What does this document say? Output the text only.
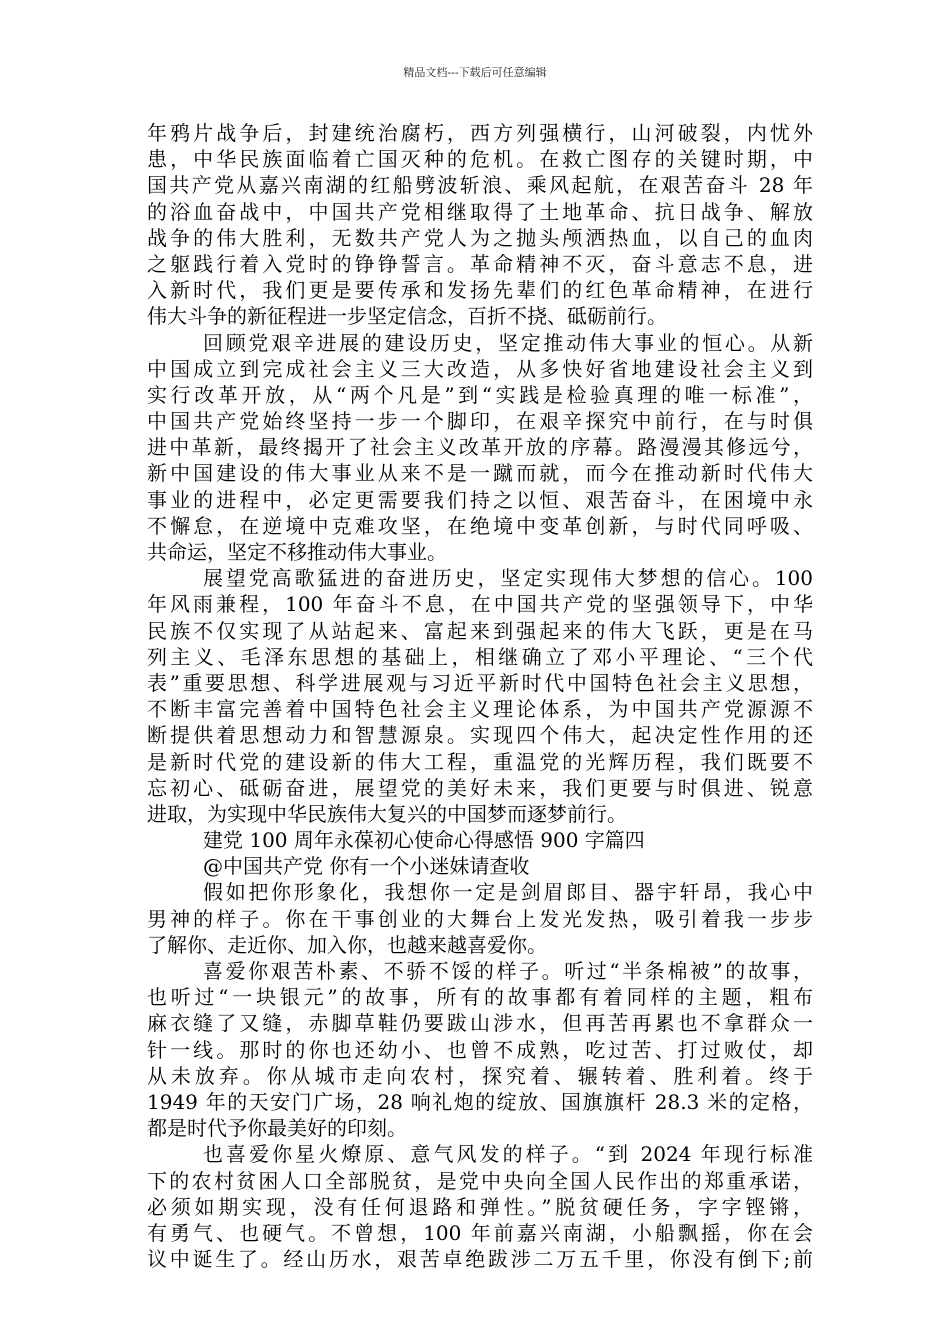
精品文档---下载后可任意编辑
年鸦片战争后，封建统治腐朽，西方列强横行，山河破裂，内忧外
患，中华民族面临着亡国灭种的危机。在救亡图存的关键时期，中
国共产党从嘉兴南湖的红船劈波斩浪、乘风起航，在艰苦奋斗 28 年
的浴血奋战中，中国共产党相继取得了土地革命、抗日战争、解放
战争的伟大胜利，无数共产党人为之抛头颅洒热血，以自己的血肉
之躯践行着入党时的铮铮誓言。革命精神不灭，奋斗意志不息，进
入新时代，我们更是要传承和发扬先辈们的红色革命精神，在进行
伟大斗争的新征程进一步坚定信念，百折不挠、砥砺前行。
回顾党艰辛进展的建设历史，坚定推动伟大事业的恒心。从新
中国成立到完成社会主义三大改造，从多快好省地建设社会主义到
实行改革开放，从“两个凡是”到“实践是检验真理的唯一标准”，
中国共产党始终坚持一步一个脚印，在艰辛探究中前行，在与时俱
进中革新，最终揭开了社会主义改革开放的序幕。路漫漫其修远兮，
新中国建设的伟大事业从来不是一蹴而就，而今在推动新时代伟大
事业的进程中，必定更需要我们持之以恒、艰苦奋斗，在困境中永
不懈怠，在逆境中克难攻坚，在绝境中变革创新，与时代同呼吸、
共命运，坚定不移推动伟大事业。
展望党高歌猛进的奋进历史，坚定实现伟大梦想的信心。100
年风雨兼程，100 年奋斗不息，在中国共产党的坚强领导下，中华
民族不仅实现了从站起来、富起来到强起来的伟大飞跃，更是在马
列主义、毛泽东思想的基础上，相继确立了邓小平理论、“三个代
表”重要思想、科学进展观与习近平新时代中国特色社会主义思想，
不断丰富完善着中国特色社会主义理论体系，为中国共产党源源不
断提供着思想动力和智慧源泉。实现四个伟大，起决定性作用的还
是新时代党的建设新的伟大工程，重温党的光辉历程，我们既要不
忘初心、砥砺奋进，展望党的美好未来，我们更要与时俱进、锐意
进取，为实现中华民族伟大复兴的中国梦而逐梦前行。
建党 100 周年永葆初心使命心得感悟 900 字篇四
@中国共产党 你有一个小迷妹请查收
假如把你形象化，我想你一定是剑眉郎目、器宇轩昂，我心中
男神的样子。你在干事创业的大舞台上发光发热，吸引着我一步步
了解你、走近你、加入你，也越来越喜爱你。
喜爱你艰苦朴素、不骄不馁的样子。听过“半条棉被”的故事，
也听过“一块银元”的故事，所有的故事都有着同样的主题，粗布
麻衣缝了又缝，赤脚草鞋仍要跋山涉水，但再苦再累也不拿群众一
针一线。那时的你也还幼小、也曾不成熟，吃过苦、打过败仗，却
从未放弃。你从城市走向农村，探究着、辗转着、胜利着。终于
1949 年的天安门广场，28 响礼炮的绽放、国旗旗杆 28.3 米的定格，
都是时代予你最美好的印刻。
也喜爱你星火燎原、意气风发的样子。“到 2024 年现行标准
下的农村贫困人口全部脱贫，是党中央向全国人民作出的郑重承诺，
必须如期实现，没有任何退路和弹性。”脱贫硬任务，字字铿锵，
有勇气、也硬气。不曾想，100 年前嘉兴南湖，小船飘摇，你在会
议中诞生了。经山历水，艰苦卓绝跋涉二万五千里，你没有倒下;前
